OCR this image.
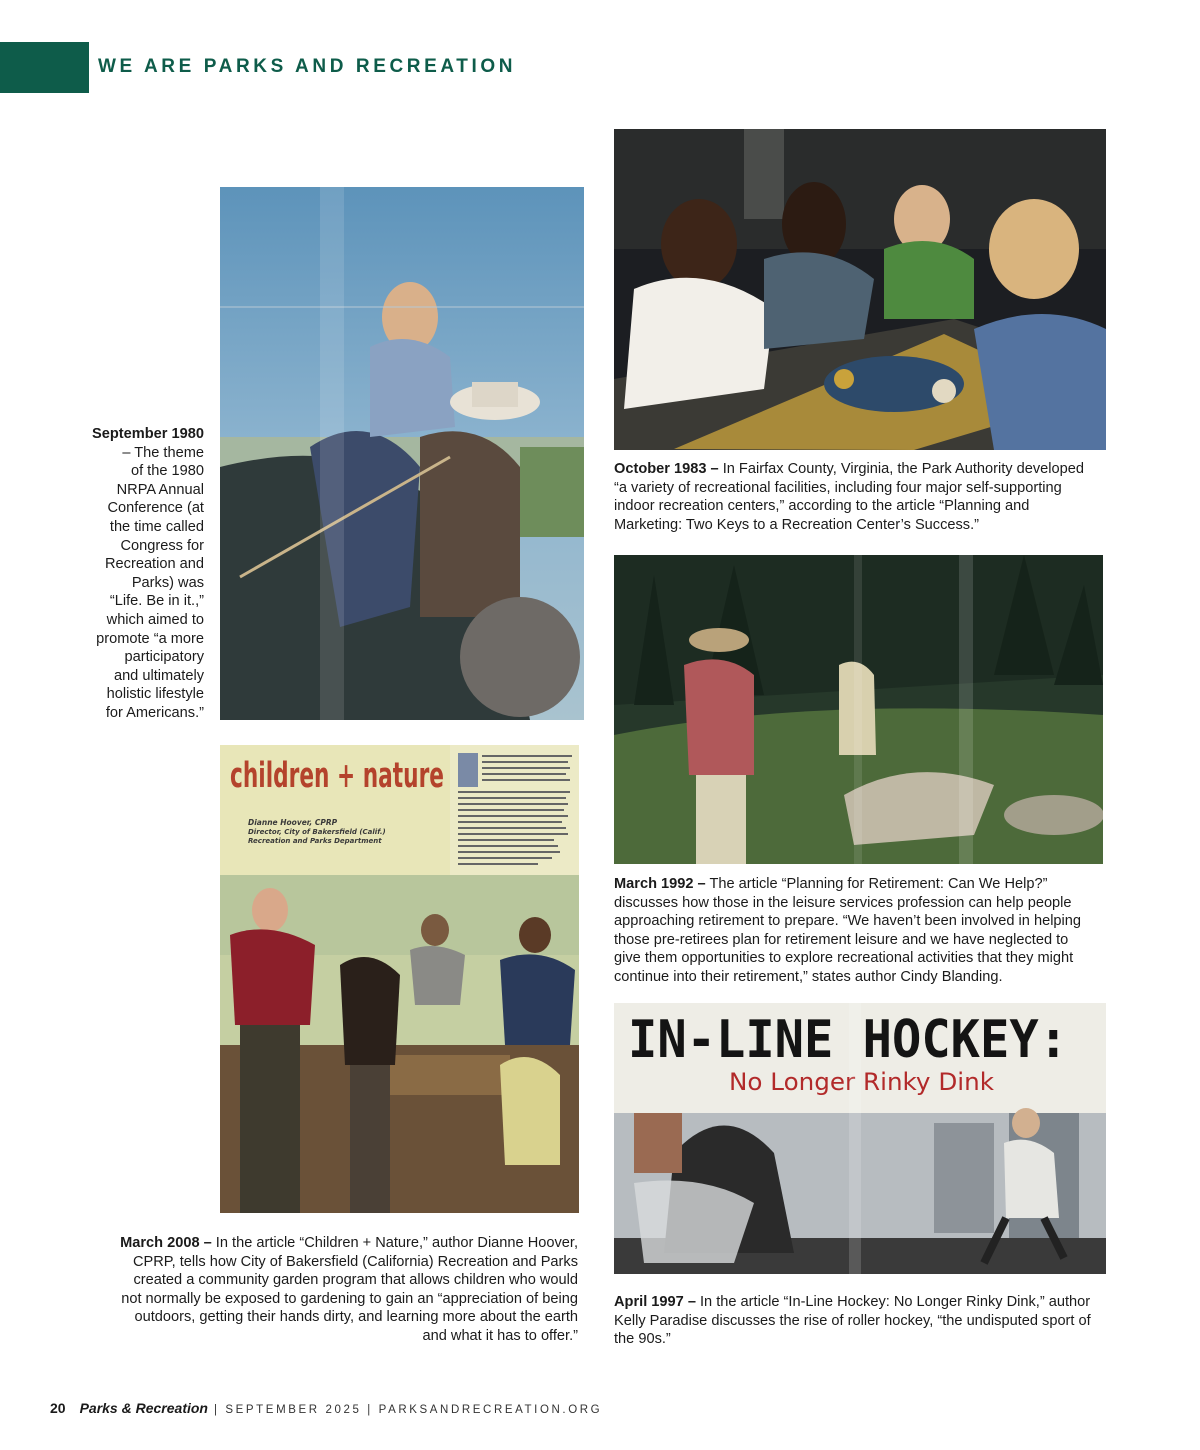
WE ARE PARKS AND RECREATION
September 1980
– The theme
of the 1980
NRPA Annual
Conference (at
the time called
Congress for
Recreation and
Parks) was
“Life. Be in it.,”
which aimed to
promote “a more
participatory
and ultimately
holistic lifestyle
for Americans.”
October 1983 – In Fairfax County, Virginia, the Park Authority developed
“a variety of recreational facilities, including four major self-supporting
indoor recreation centers,” according to the article “Planning and
Marketing: Two Keys to a Recreation Center’s Success.”
March 1992 – The article “Planning for Retirement: Can We Help?”
discusses how those in the leisure services profession can help people
approaching retirement to prepare. “We haven’t been involved in helping
those pre-retirees plan for retirement leisure and we have neglected to
give them opportunities to explore recreational activities that they might
continue into their retirement,” states author Cindy Blanding.
children + nature
Dianne Hoover, CPRP
Director, City of Bakersfield (Calif.)
Recreation and Parks Department
March 2008 – In the article “Children + Nature,” author Dianne Hoover,
CPRP, tells how City of Bakersfield (California) Recreation and Parks
created a community garden program that allows children who would
not normally be exposed to gardening to gain an “appreciation of being
outdoors, getting their hands dirty, and learning more about the earth
and what it has to offer.”
IN-LINE HOCKEY:
No Longer Rinky Dink
April 1997 – In the article “In-Line Hockey: No Longer Rinky Dink,” author
Kelly Paradise discusses the rise of roller hockey, “the undisputed sport of
the 90s.”
20 Parks & Recreation | SEPTEMBER 2025 | PARKSANDRECREATION.ORG
